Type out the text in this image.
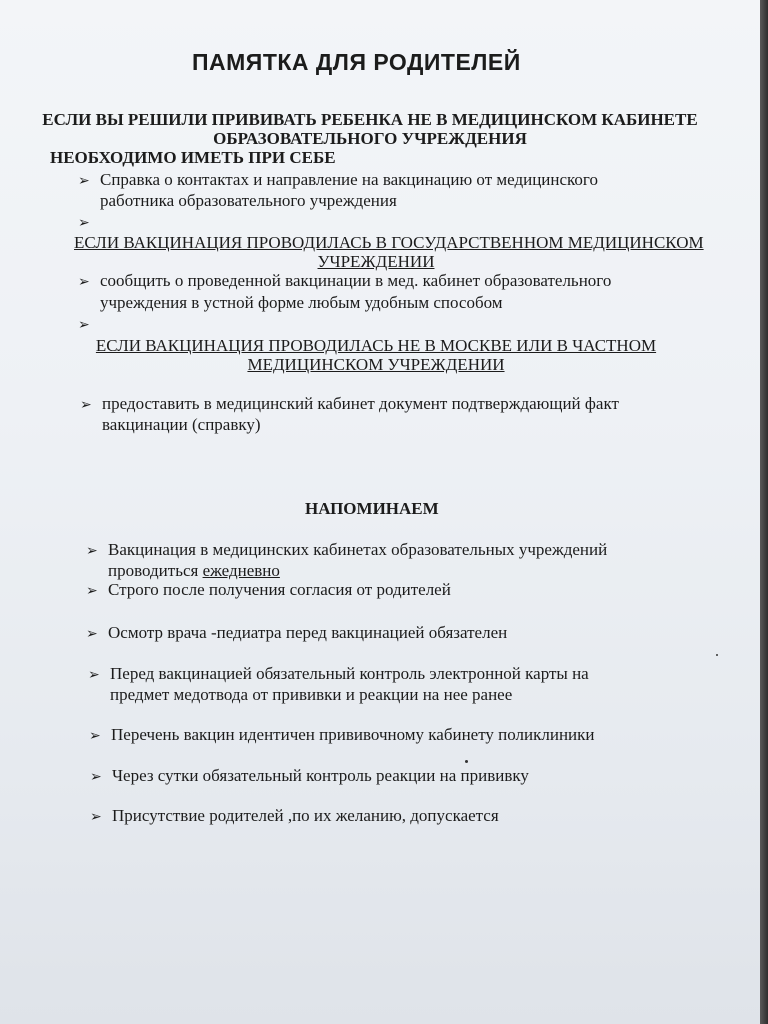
ПАМЯТКА ДЛЯ РОДИТЕЛЕЙ
ЕСЛИ ВЫ РЕШИЛИ ПРИВИВАТЬ РЕБЕНКА НЕ В МЕДИЦИНСКОМ КАБИНЕТЕ
ОБРАЗОВАТЕЛЬНОГО УЧРЕЖДЕНИЯ
НЕОБХОДИМО ИМЕТЬ ПРИ СЕБЕ
➢ Справка о контактах и направление на вакцинацию от медицинского
работника образовательного учреждения
➢
ЕСЛИ ВАКЦИНАЦИЯ ПРОВОДИЛАСЬ В ГОСУДАРСТВЕННОМ МЕДИЦИНСКОМ
УЧРЕЖДЕНИИ
➢ сообщить о проведенной вакцинации в мед. кабинет образовательного
учреждения в устной форме любым удобным способом
➢
ЕСЛИ ВАКЦИНАЦИЯ ПРОВОДИЛАСЬ НЕ В МОСКВЕ ИЛИ В ЧАСТНОМ
МЕДИЦИНСКОМ УЧРЕЖДЕНИИ
➢ предоставить в медицинский кабинет документ подтверждающий факт
вакцинации (справку)
НАПОМИНАЕМ
➢ Вакцинация в медицинских кабинетах образовательных учреждений
проводиться ежедневно
➢ Строго после получения согласия от родителей
➢ Осмотр врача -педиатра перед вакцинацией обязателен
➢ Перед вакцинацией обязательный контроль электронной карты на
предмет медотвода от прививки и реакции на нее ранее
➢ Перечень вакцин идентичен прививочному кабинету поликлиники
➢ Через сутки обязательный контроль реакции на прививку
➢ Присутствие родителей ,по их желанию, допускается
